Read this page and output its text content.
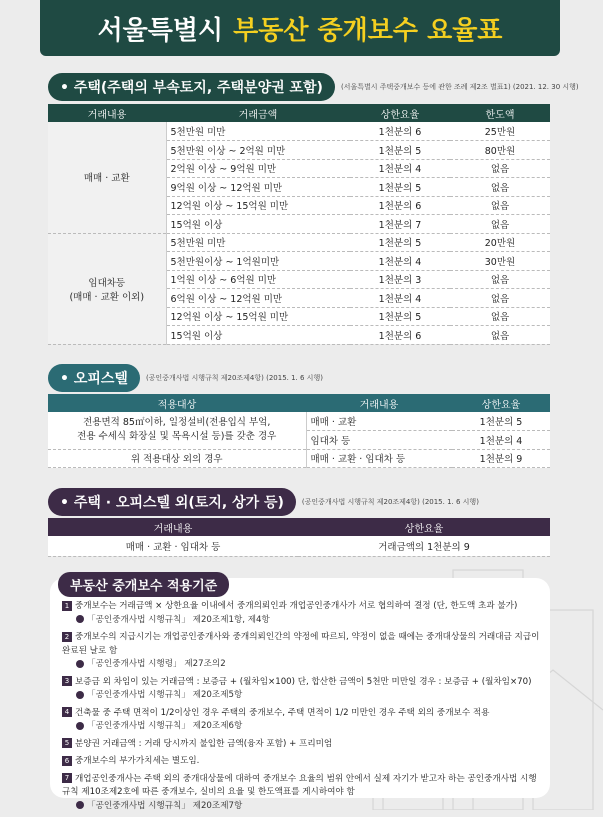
서울특별시 부동산 중개보수 요율표
• 주택(주택의 부속토지, 주택분양권 포함)	(서울특별시 주택중개보수 등에 관한 조례 제2조 별표1) (2021. 12. 30 시행)
거래내용	거래금액	상한요율	한도액
매매 · 교환	5천만원 미만	1천분의 6	25만원
	5천만원 이상 ~ 2억원 미만	1천분의 5	80만원
	2억원 이상 ~ 9억원 미만	1천분의 4	없음
	9억원 이상 ~ 12억원 미만	1천분의 5	없음
	12억원 이상 ~ 15억원 미만	1천분의 6	없음
	15억원 이상	1천분의 7	없음
임대차등
(매매 · 교환 이외)	5천만원 미만	1천분의 5	20만원
	5천만원이상 ~ 1억원미만	1천분의 4	30만원
	1억원 이상 ~ 6억원 미만	1천분의 3	없음
	6억원 이상 ~ 12억원 미만	1천분의 4	없음
	12억원 이상 ~ 15억원 미만	1천분의 5	없음
	15억원 이상	1천분의 6	없음
• 오피스텔	(공인중개사법 시행규칙 제20조제4항) (2015. 1. 6 시행)
적용대상	거래내용	상한요율
전용면적 85㎡이하, 일정설비(전용입식 부엌,
전용 수세식 화장실 및 목욕시설 등)를 갖춘 경우	매매 · 교환	1천분의 5
	임대차 등	1천분의 4
위 적용대상 외의 경우	매매 · 교환 · 임대차 등	1천분의 9
• 주택 · 오피스텔 외(토지, 상가 등)	(공인중개사법 시행규칙 제20조제4항) (2015. 1. 6 시행)
거래내용	상한요율
매매 · 교환 · 임대차 등	거래금액의 1천분의 9
부동산 중개보수 적용기준
1 중개보수는 거래금액 × 상한요율 이내에서 중개의뢰인과 개업공인중개사가 서로 협의하여 결정 (단, 한도액 초과 불가)
「공인중개사법 시행규칙」 제20조제1항, 제4항
2 중개보수의 지급시기는 개업공인중개사와 중개의뢰인간의 약정에 따르되, 약정이 없을 때에는 중개대상물의 거래대금 지급이 완료된 날로 함
「공인중개사법 시행령」 제27조의2
3 보증금 외 차임이 있는 거래금액 : 보증금 + (월차임×100) 단, 합산한 금액이 5천만 미만일 경우 : 보증금 + (월차임×70)
「공인중개사법 시행규칙」 제20조제5항
4 건축물 중 주택 면적이 1/2이상인 경우 주택의 중개보수, 주택 면적이 1/2 미만인 경우 주택 외의 중개보수 적용
「공인중개사법 시행규칙」 제20조제6항
5 분양권 거래금액 : 거래 당시까지 불입한 금액(융자 포함) + 프리미엄
6 중개보수의 부가가치세는 별도임.
7 개업공인중개사는 주택 외의 중개대상물에 대하여 중개보수 요율의 범위 안에서 실제 자기가 받고자 하는 공인중개사법 시행규칙 제10조제2호에 따른 중개보수, 실비의 요율 및 한도액표를 게시하여야 함
「공인중개사법 시행규칙」 제20조제7항
